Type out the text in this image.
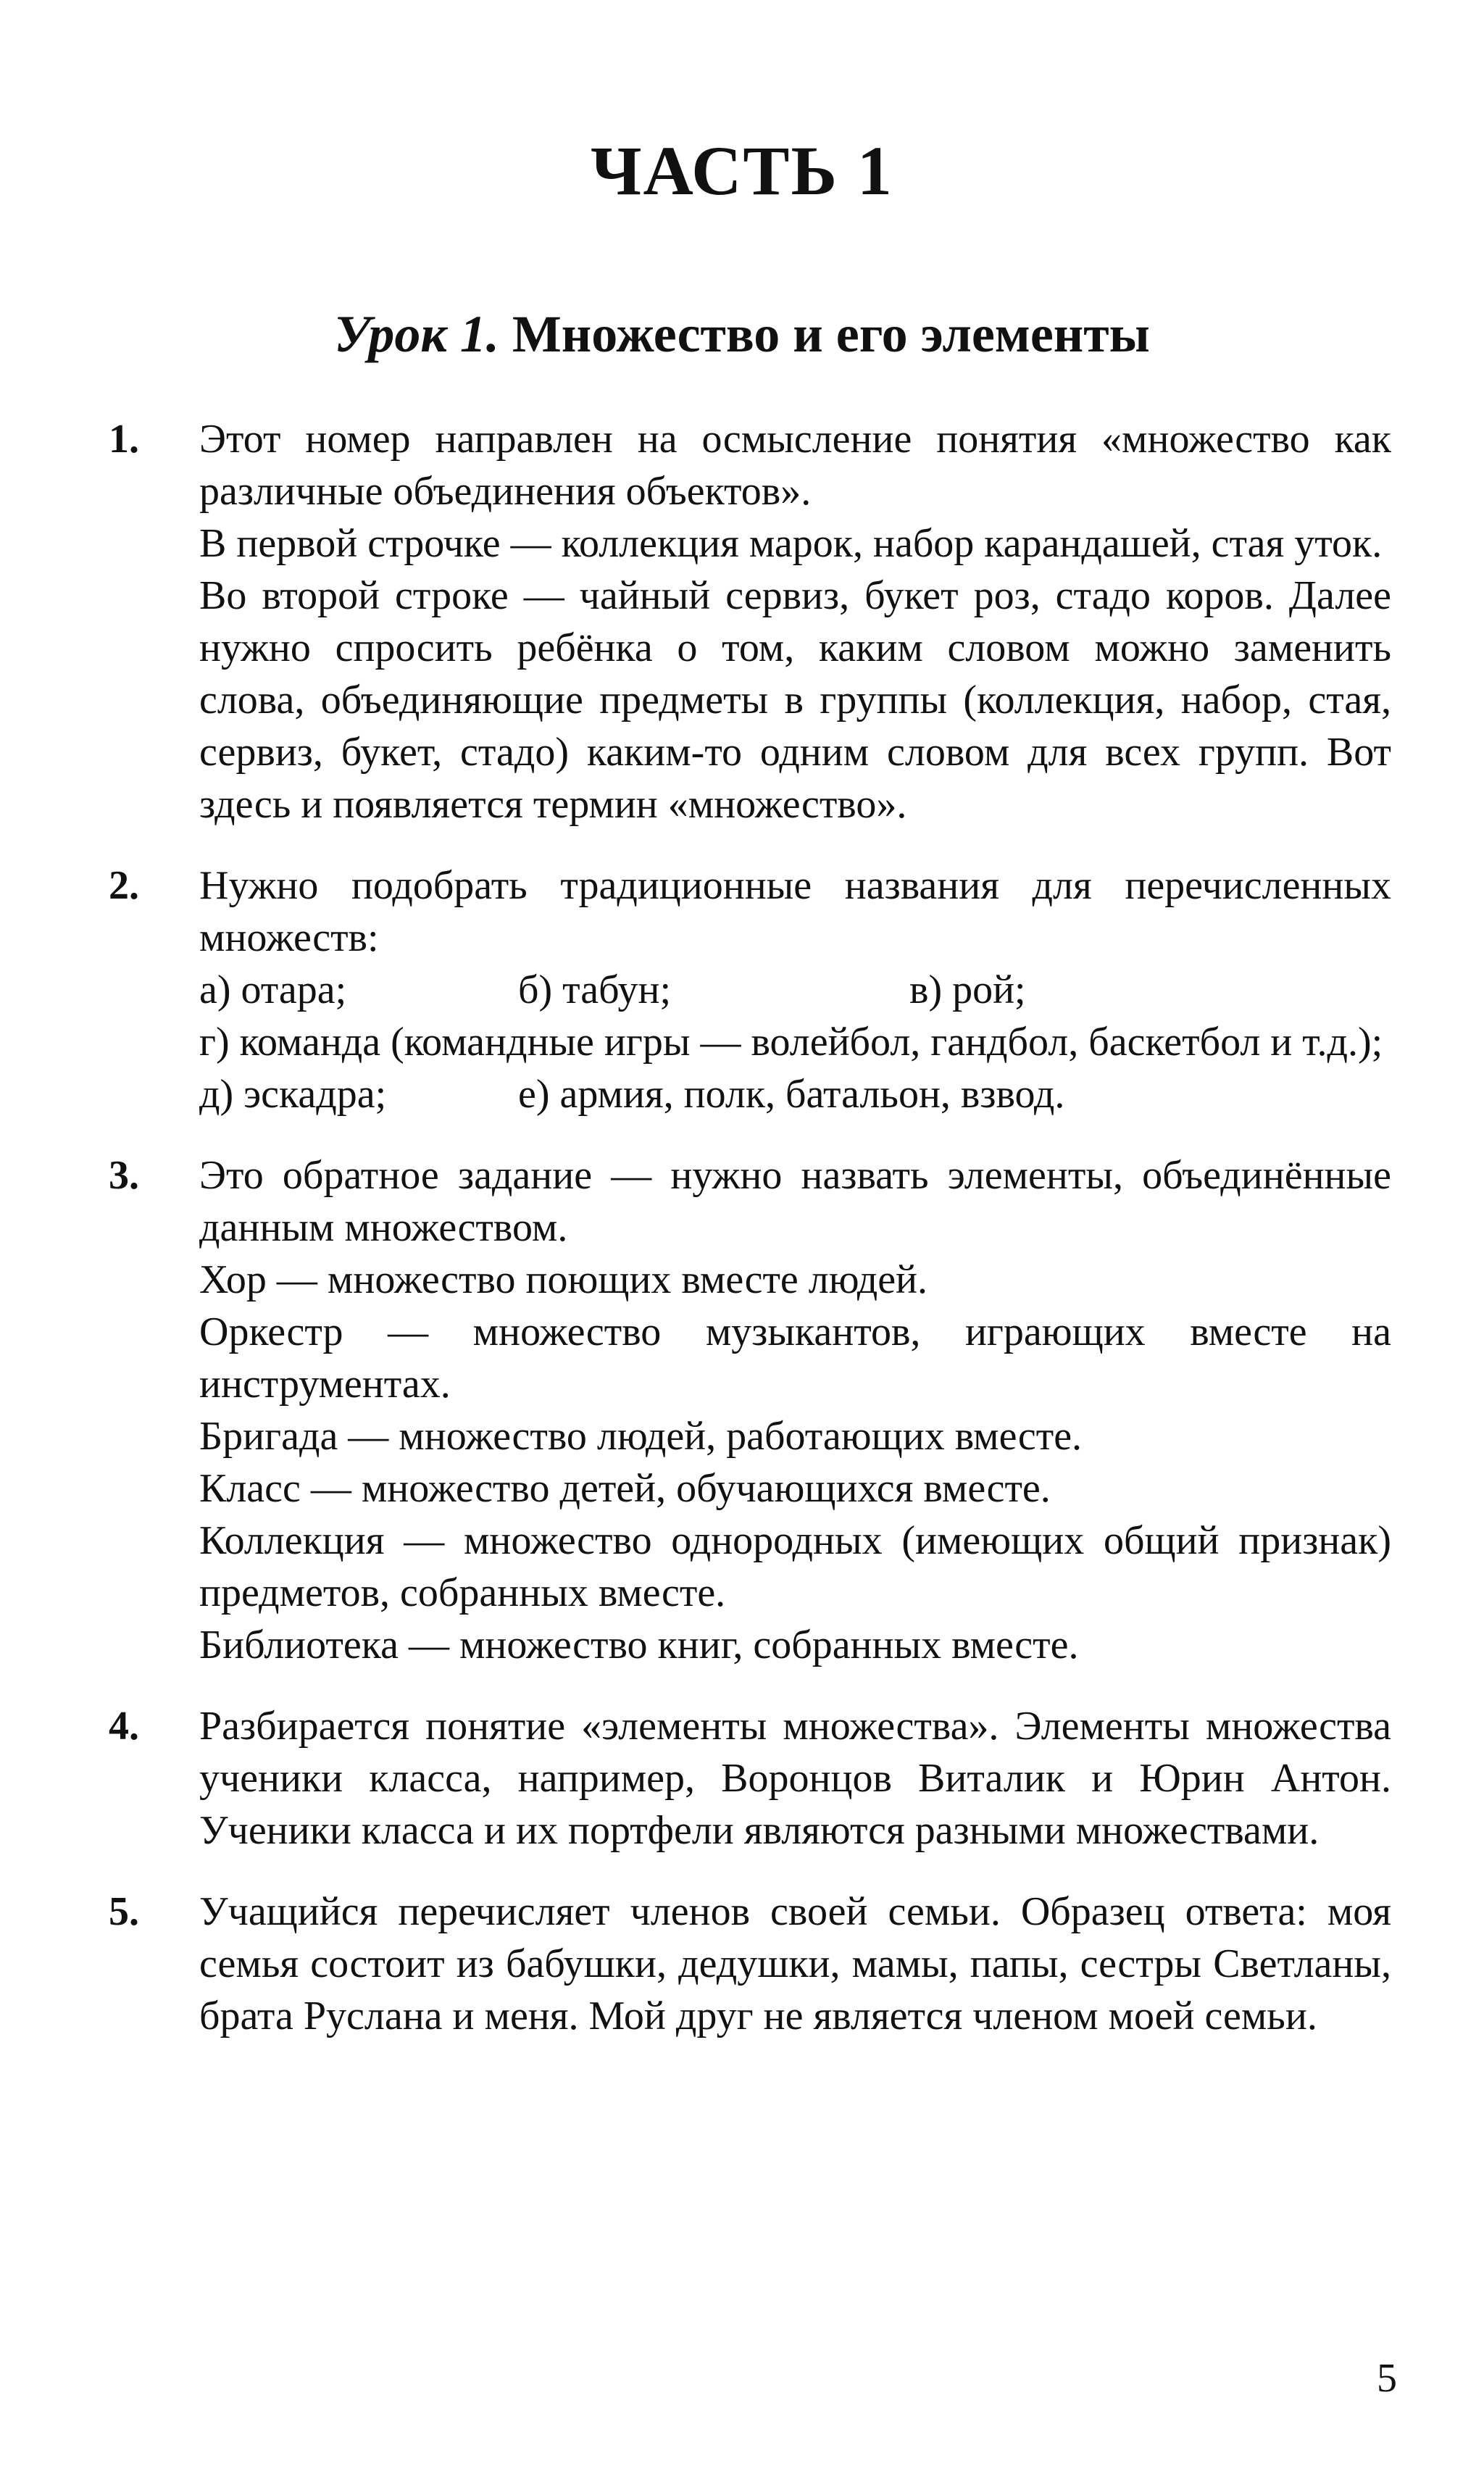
ЧАСТЬ 1
Урок 1. Множество и его элементы
1. Этот номер направлен на осмысление понятия «множество как различные объединения объектов».

В первой строчке — коллекция марок, набор карандашей, стая уток.

Во второй строке — чайный сервиз, букет роз, стадо коров. Далее нужно спросить ребёнка о том, каким словом можно заменить слова, объединяющие предметы в группы (коллекция, набор, стая, сервиз, букет, стадо) каким-то одним словом для всех групп. Вот здесь и появляется термин «множество».

2. Нужно подобрать традиционные названия для перечисленных множеств:

а) отара;	б) табун;	в) рой;

г) команда (командные игры — волейбол, гандбол, баскетбол и т.д.);

д) эскадра;	е) армия, полк, батальон, взвод.
3. Это обратное задание — нужно назвать элементы, объединённые данным множеством.

Хор — множество поющих вместе людей.

Оркестр — множество музыкантов, играющих вместе на инструментах.

Бригада — множество людей, работающих вместе.

Класс — множество детей, обучающихся вместе.

Коллекция — множество однородных (имеющих общий признак) предметов, собранных вместе.

Библиотека — множество книг, собранных вместе.

4. Разбирается понятие «элементы множества». Элементы множества ученики класса, например, Воронцов Виталик и Юрин Антон. Ученики класса и их портфели являются разными множествами.

5. Учащийся перечисляет членов своей семьи. Образец ответа: моя семья состоит из бабушки, дедушки, мамы, папы, сестры Светланы, брата Руслана и меня. Мой друг не является членом моей семьи.

5
